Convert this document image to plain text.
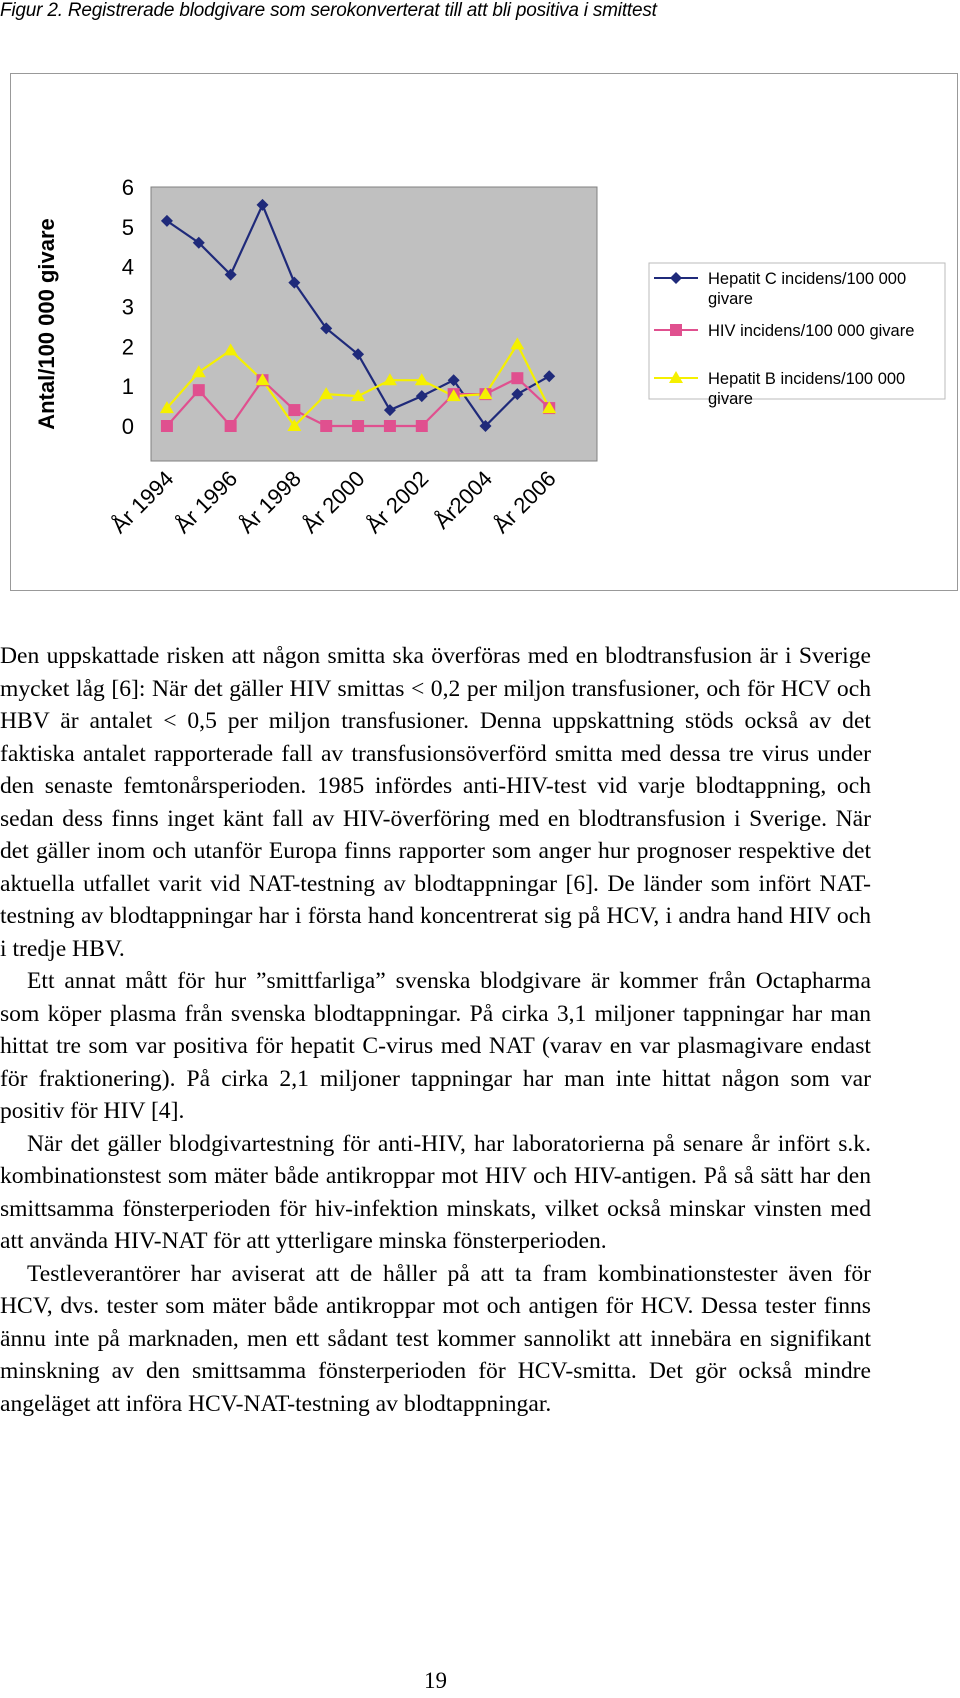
Figur 2. Registrerade blodgivare som serokonverterat till att bli positiva i smittest
Antal/100 000 givare	0
1
2
3
4
5
6
År 1994
År 1996
År 1998
År 2000
År 2002
År2004
År 2006
Hepatit C incidens/100 000
givare
HIV incidens/100 000 givare
Hepatit B incidens/100 000
givare

Den uppskattade risken att någon smitta ska överföras med en blodtransfusion är i Sverige mycket låg [6]: När det gäller HIV smittas < 0,2 per miljon transfusioner, och för HCV och HBV är antalet < 0,5 per miljon transfusioner. Denna uppskattning stöds också av det faktiska antalet rapporterade fall av transfusionsöverförd smitta med dessa tre virus under den senaste femtonårsperioden. 1985 infördes anti-HIV-test vid varje blodtappning, och sedan dess finns inget känt fall av HIV-överföring med en blodtransfusion i Sverige. När det gäller inom och utanför Europa finns rapporter som anger hur prognoser respektive det aktuella utfallet varit vid NAT-testning av blodtappningar [6]. De länder som infört NAT-testning av blodtappningar har i första hand koncentrerat sig på HCV, i andra hand HIV och i tredje HBV.

Ett annat mått för hur ”smittfarliga” svenska blodgivare är kommer från Octapharma som köper plasma från svenska blodtappningar. På cirka 3,1 miljoner tappningar har man hittat tre som var positiva för hepatit C-virus med NAT (varav en var plasmagivare endast för fraktionering). På cirka 2,1 miljoner tappningar har man inte hittat någon som var positiv för HIV [4].

När det gäller blodgivartestning för anti-HIV, har laboratorierna på senare år infört s.k. kombinationstest som mäter både antikroppar mot HIV och HIV-antigen. På så sätt har den smittsamma fönsterperioden för hiv-infektion minskats, vilket också minskar vinsten med att använda HIV-NAT för att ytterligare minska fönsterperioden.

Testleverantörer har aviserat att de håller på att ta fram kombinationstester även för HCV, dvs. tester som mäter både antikroppar mot och antigen för HCV. Dessa tester finns ännu inte på marknaden, men ett sådant test kommer sannolikt att innebära en signifikant minskning av den smittsamma fönsterperioden för HCV-smitta. Det gör också mindre angeläget att införa HCV-NAT-testning av blodtappningar.

19
